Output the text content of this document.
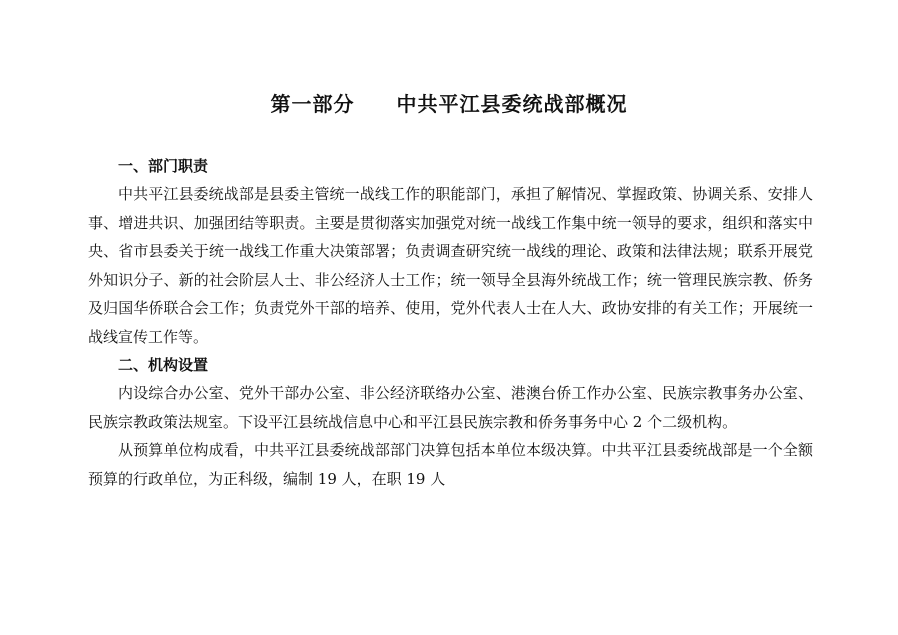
第一部分　　中共平江县委统战部概况

一、部门职责

中共平江县委统战部是县委主管统一战线工作的职能部门，承担了解情况、掌握政策、协调关系、安排人事、增进共识、加强团结等职责。主要是贯彻落实加强党对统一战线工作集中统一领导的要求，组织和落实中央、省市县委关于统一战线工作重大决策部署；负责调查研究统一战线的理论、政策和法律法规；联系开展党外知识分子、新的社会阶层人士、非公经济人士工作；统一领导全县海外统战工作；统一管理民族宗教、侨务及归国华侨联合会工作；负责党外干部的培养、使用，党外代表人士在人大、政协安排的有关工作；开展统一战线宣传工作等。

二、机构设置

内设综合办公室、党外干部办公室、非公经济联络办公室、港澳台侨工作办公室、民族宗教事务办公室、民族宗教政策法规室。下设平江县统战信息中心和平江县民族宗教和侨务事务中心 2 个二级机构。

从预算单位构成看，中共平江县委统战部部门决算包括本单位本级决算。中共平江县委统战部是一个全额预算的行政单位，为正科级，编制 19 人，在职 19 人
